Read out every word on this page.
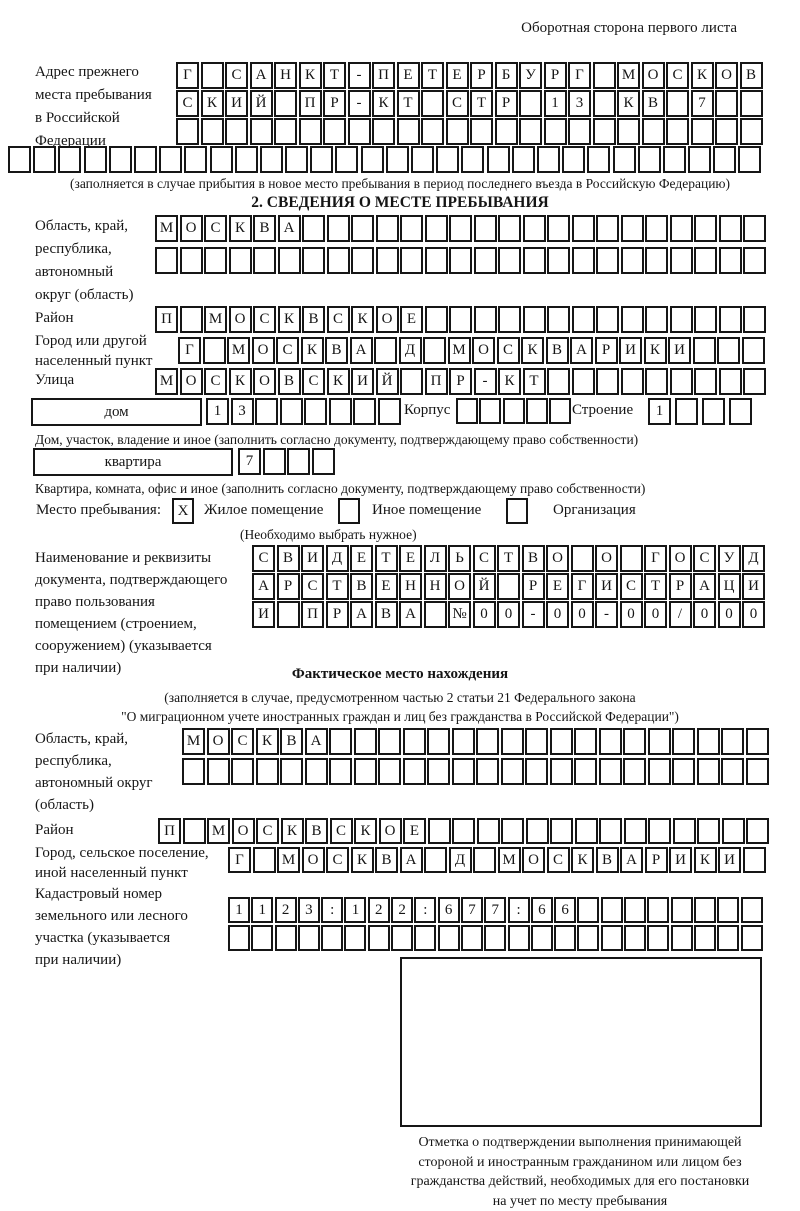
Оборотная сторона первого листа
Адрес прежнего
места пребывания
в Российской
Федерации
Г	С А Н К Т	-	П Е	Т	Е	Р	Б У	Р	Г	М О С К О В
С К И Й	П Р	-	К Т	С Т	Р	1	3	К В	7
(заполняется в случае прибытия в новое место пребывания в период последнего въезда в Российскую Федерацию)
2. СВЕДЕНИЯ О МЕСТЕ ПРЕБЫВАНИЯ
Область, край,
республика,
автономный
округ (область)
М О С К В А
Район	П	М О С К В С К О Е
Город или другой
населенный пункт
Г	М О С К В А	Д	М О С К В А Р И К И
Улица	М О С К О В С К И Й	П Р	-	К Т
дом	1	3	Корпус	Строение	1
Дом, участок, владение и иное (заполнить согласно документу, подтверждающему право собственности)
квартира	7
Квартира, комната, офис и иное (заполнить согласно документу, подтверждающему право собственности)
Место пребывания:	X	Жилое помещение	Иное помещение	Организация
(Необходимо выбрать нужное)
Наименование и реквизиты
документа, подтверждающего
право пользования
помещением (строением,
сооружением) (указывается
при наличии)
С В И Д Е	Т	Е Л	Ь	С Т В О	О	Г О С У Д
А Р	С Т В Е Н Н О Й	Р	Е	Г И С Т	Р А Ц И
И	П Р А В А	№ 0	0	-	0	0	-	0	0	/	0	0	0
Фактическое место нахождения
(заполняется в случае, предусмотренном частью 2 статьи 21 Федерального закона
"О миграционном учете иностранных граждан и лиц без гражданства в Российской Федерации")
Область, край,
республика,
автономный округ
(область)
М О С К В А
Район	П	М О С К В С К О Е
Город, сельское поселение,
иной населенный пункт
Г	М О С К В А	Д	М О С К В А Р И К И
Кадастровый номер
земельного или лесного
участка (указывается
при наличии)
1	1	2	3	:	1	2	2	:	6	7	7	:	6	6
Отметка о подтверждении выполнения принимающей
стороной и иностранным гражданином или лицом без
гражданства действий, необходимых для его постановки
на учет по месту пребывания
